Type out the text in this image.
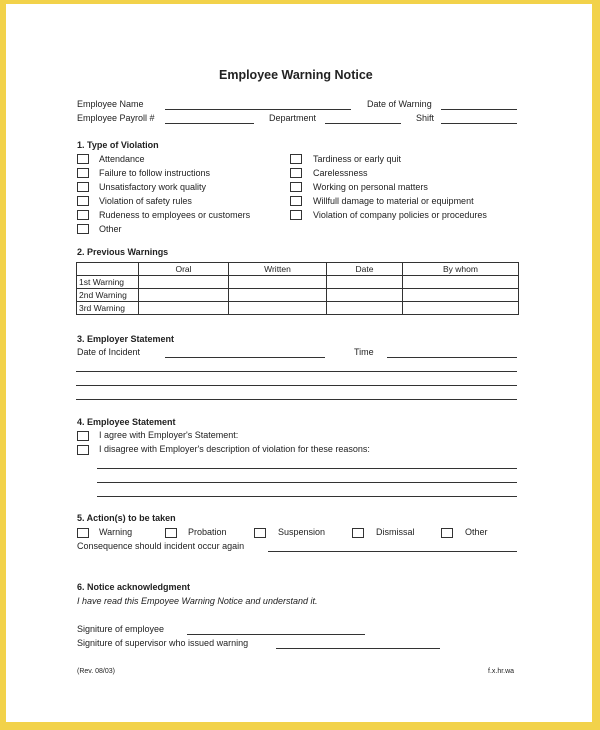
Employee Warning Notice
Employee Name	Date of Warning
Employee Payroll #	Department	Shift
1. Type of Violation
Attendance
Failure to follow instructions
Unsatisfactory work quality
Violation of safety rules
Rudeness to employees or customers
Other
Tardiness or early quit
Carelessness
Working on personal matters
Willfull damage to material or equipment
Violation of company policies or procedures
2. Previous Warnings
	Oral	Written	Date	By whom
1st Warning				
2nd Warning				
3rd Warning				
3. Employer Statement
Date of Incident	Time
4. Employee Statement
I agree with Employer's Statement:
I disagree with Employer's description of violation for these reasons:
5. Action(s) to be taken
Warning	Probation	Suspension	Dismissal	Other
Consequence should incident occur again
6. Notice acknowledgment
I have read this Empoyee Warning Notice and understand it.
Signiture of employee
Signiture of supervisor who issued warning
(Rev. 08/03)	f.x.hr.wa
